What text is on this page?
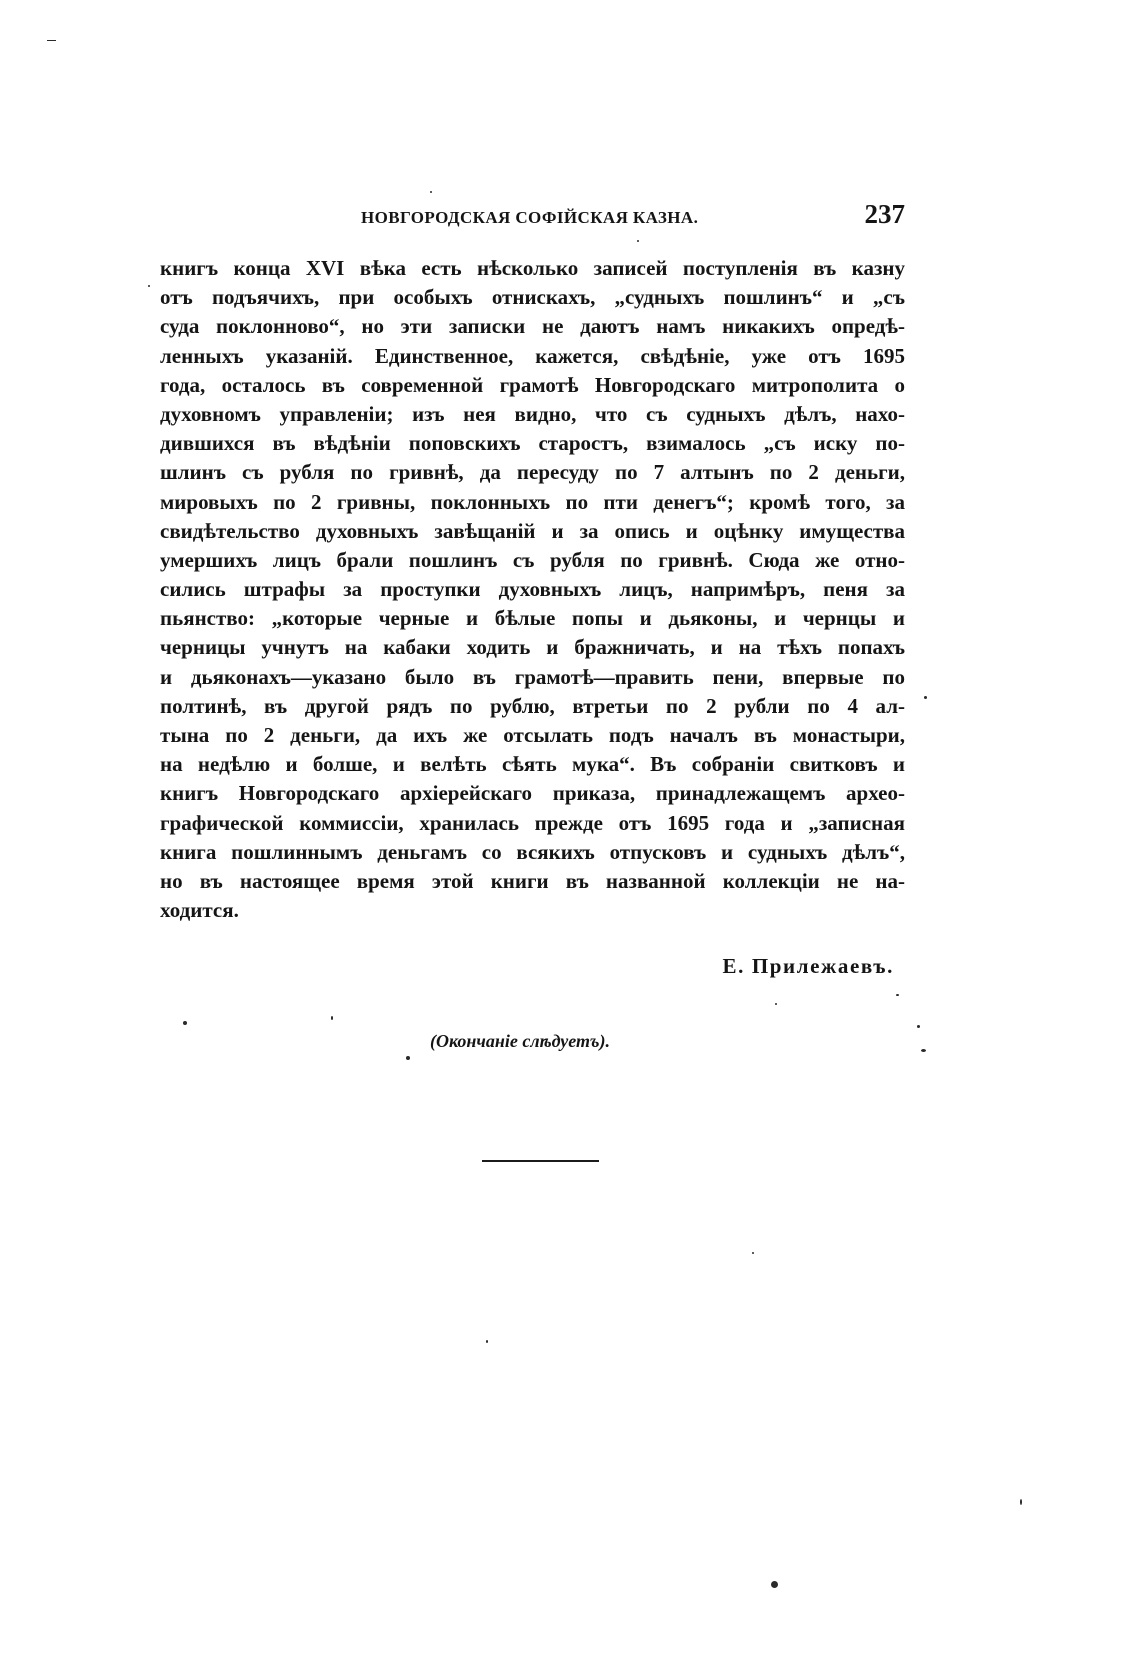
НОВГОРОДСКАЯ СОФІЙСКАЯ КАЗНА.	237
книгъ конца XVI вѣка есть нѣсколько записей поступленія въ казну
отъ подъячихъ, при особыхъ отнискахъ, „судныхъ пошлинъ“ и „съ
суда поклонново“, но эти записки не даютъ намъ никакихъ опредѣ-
ленныхъ указаній. Единственное, кажется, свѣдѣніе, уже отъ 1695
года, осталось въ современной грамотѣ Новгородскаго митрополита о
духовномъ управленіи; изъ нея видно, что съ судныхъ дѣлъ, нахо-
дившихся въ вѣдѣніи поповскихъ старостъ, взималось „съ иску по-
шлинъ съ рубля по гривнѣ, да пересуду по 7 алтынъ по 2 деньги,
мировыхъ по 2 гривны, поклонныхъ по пти денегъ“; кромѣ того, за
свидѣтельство духовныхъ завѣщаній и за опись и оцѣнку имущества
умершихъ лицъ брали пошлинъ съ рубля по гривнѣ. Сюда же отно-
сились штрафы за проступки духовныхъ лицъ, напримѣръ, пеня за
пьянство: „которые черные и бѣлые попы и дьяконы, и чернцы и
черницы учнутъ на кабаки ходить и бражничать, и на тѣхъ попахъ
и дьяконахъ—указано было въ грамотѣ—править пени, впервые по
полтинѣ, въ другой рядъ по рублю, втретьи по 2 рубли по 4 ал-
тына по 2 деньги, да ихъ же отсылать подъ началъ въ монастыри,
на недѣлю и болше, и велѣть сѣять мука“. Въ собраніи свитковъ и
книгъ Новгородскаго архіерейскаго приказа, принадлежащемъ архео-
графической коммиссіи, хранилась прежде отъ 1695 года и „записная
книга пошлиннымъ деньгамъ со всякихъ отпусковъ и судныхъ дѣлъ“,
но въ настоящее время этой книги въ названной коллекціи не на-
ходится.
Е. Прилежаевъ.
(Окончаніе слѣдуетъ).
